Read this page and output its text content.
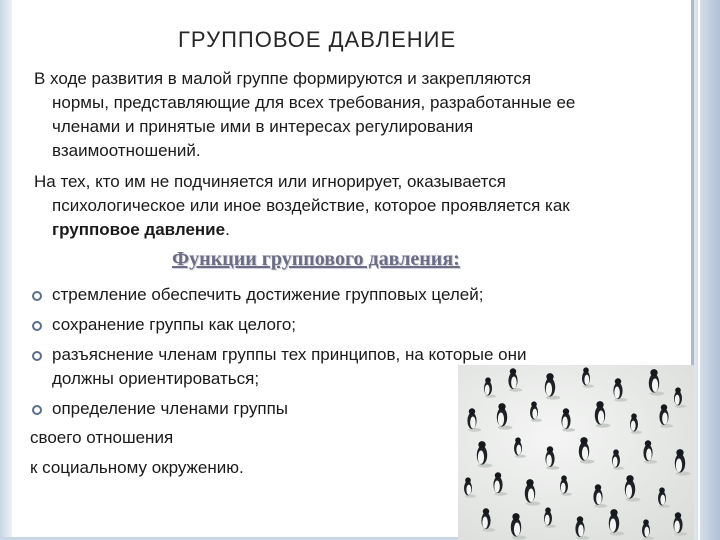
ГРУППОВОЕ ДАВЛЕНИЕ
В ходе развития в малой группе формируются и закрепляются
нормы, представляющие для всех требования, разработанные ее
членами и принятые ими в интересах регулирования
взаимоотношений.
На тех, кто им не подчиняется или игнорирует, оказывается
психологическое или иное воздействие, которое проявляется как
групповое давление.
Функции группового давления:
стремление обеспечить достижение групповых целей;
сохранение группы как целого;
разъяснение членам группы тех принципов, на которые они
должны ориентироваться;
определение членами группы
своего отношения
к социальному окружению.
